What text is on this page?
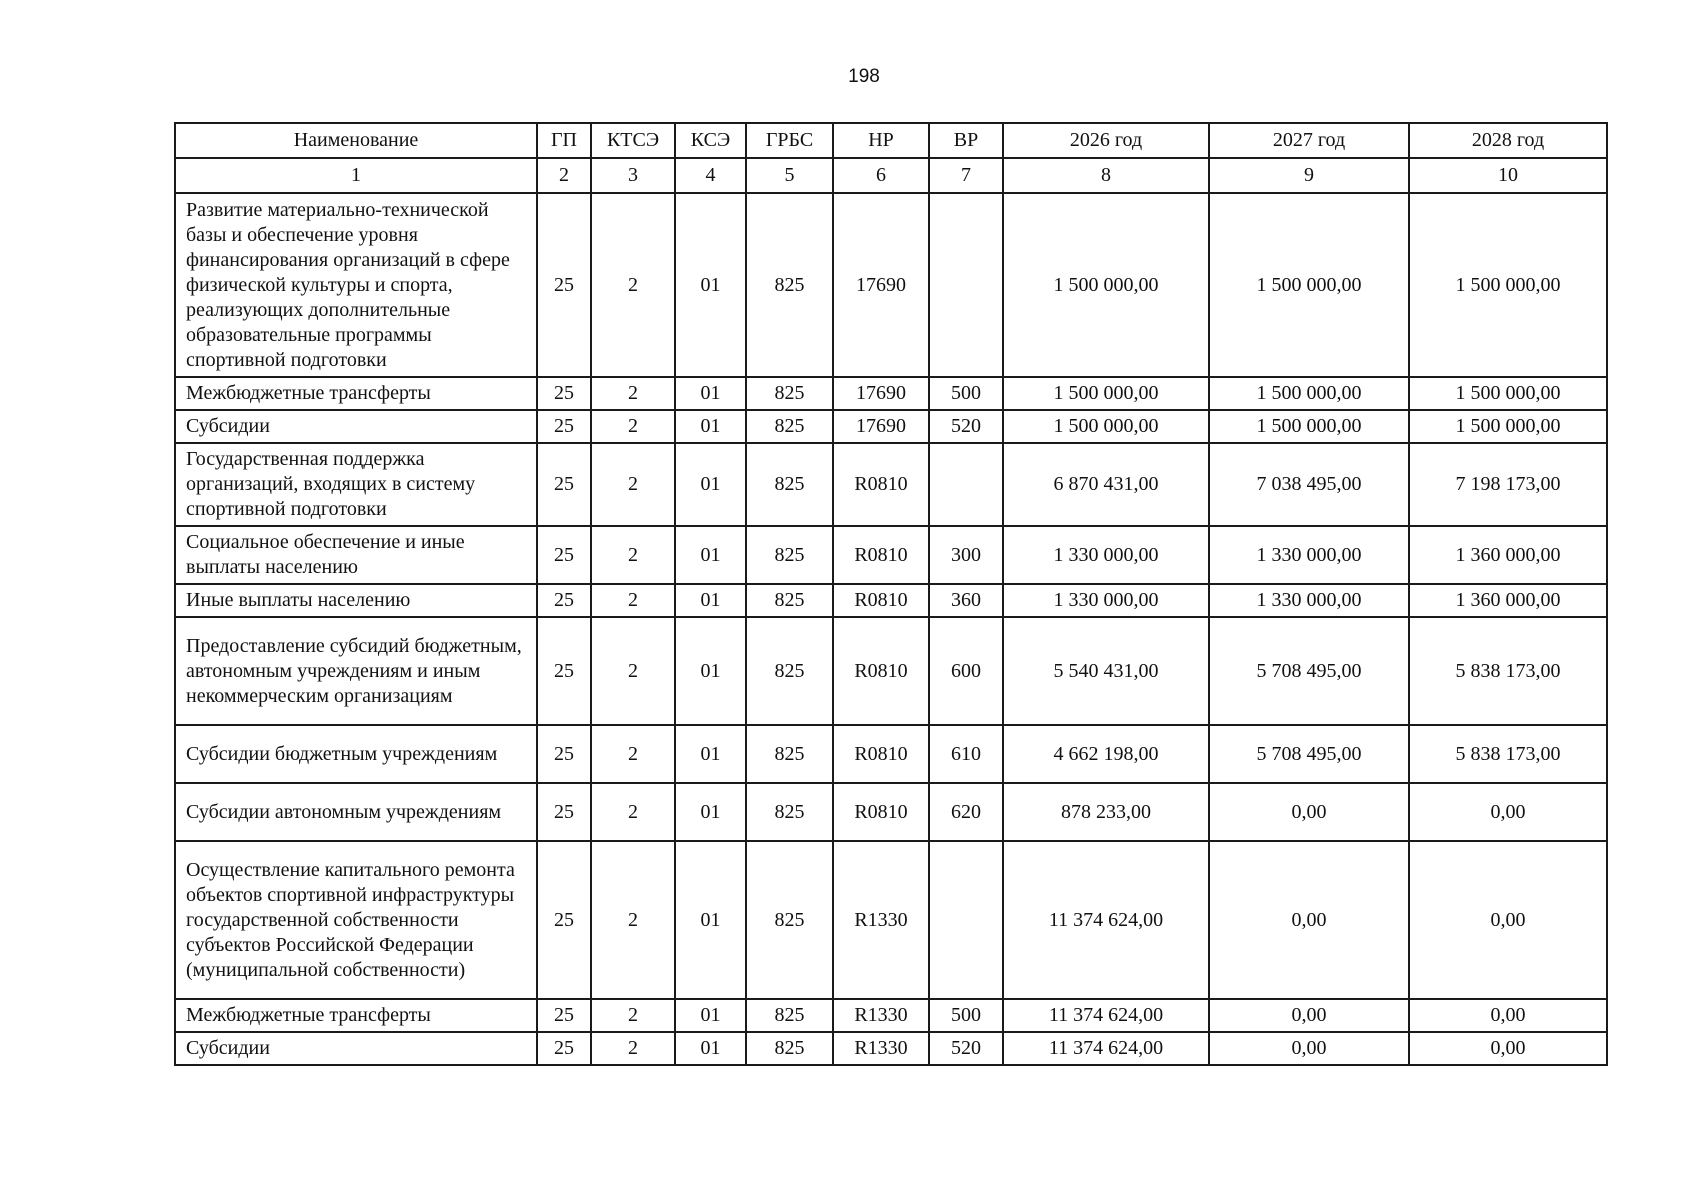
198
Наименование	ГП	КТСЭ	КСЭ	ГРБС	НР	ВР	2026 год	2027 год	2028 год
1	2	3	4	5	6	7	8	9	10
Развитие материально-технической базы и обеспечение уровня финансирования организаций в сфере физической культуры и спорта, реализующих дополнительные образовательные программы спортивной подготовки	25	2	01	825	17690		1 500 000,00	1 500 000,00	1 500 000,00
Межбюджетные трансферты	25	2	01	825	17690	500	1 500 000,00	1 500 000,00	1 500 000,00
Субсидии	25	2	01	825	17690	520	1 500 000,00	1 500 000,00	1 500 000,00
Государственная поддержка организаций, входящих в систему спортивной подготовки	25	2	01	825	R0810		6 870 431,00	7 038 495,00	7 198 173,00
Социальное обеспечение и иные выплаты населению	25	2	01	825	R0810	300	1 330 000,00	1 330 000,00	1 360 000,00
Иные выплаты населению	25	2	01	825	R0810	360	1 330 000,00	1 330 000,00	1 360 000,00
Предоставление субсидий бюджетным, автономным учреждениям и иным некоммерческим организациям	25	2	01	825	R0810	600	5 540 431,00	5 708 495,00	5 838 173,00
Субсидии бюджетным учреждениям	25	2	01	825	R0810	610	4 662 198,00	5 708 495,00	5 838 173,00
Субсидии автономным учреждениям	25	2	01	825	R0810	620	878 233,00	0,00	0,00
Осуществление капитального ремонта объектов спортивной инфраструктуры государственной собственности субъектов Российской Федерации (муниципальной собственности)	25	2	01	825	R1330		11 374 624,00	0,00	0,00
Межбюджетные трансферты	25	2	01	825	R1330	500	11 374 624,00	0,00	0,00
Субсидии	25	2	01	825	R1330	520	11 374 624,00	0,00	0,00
